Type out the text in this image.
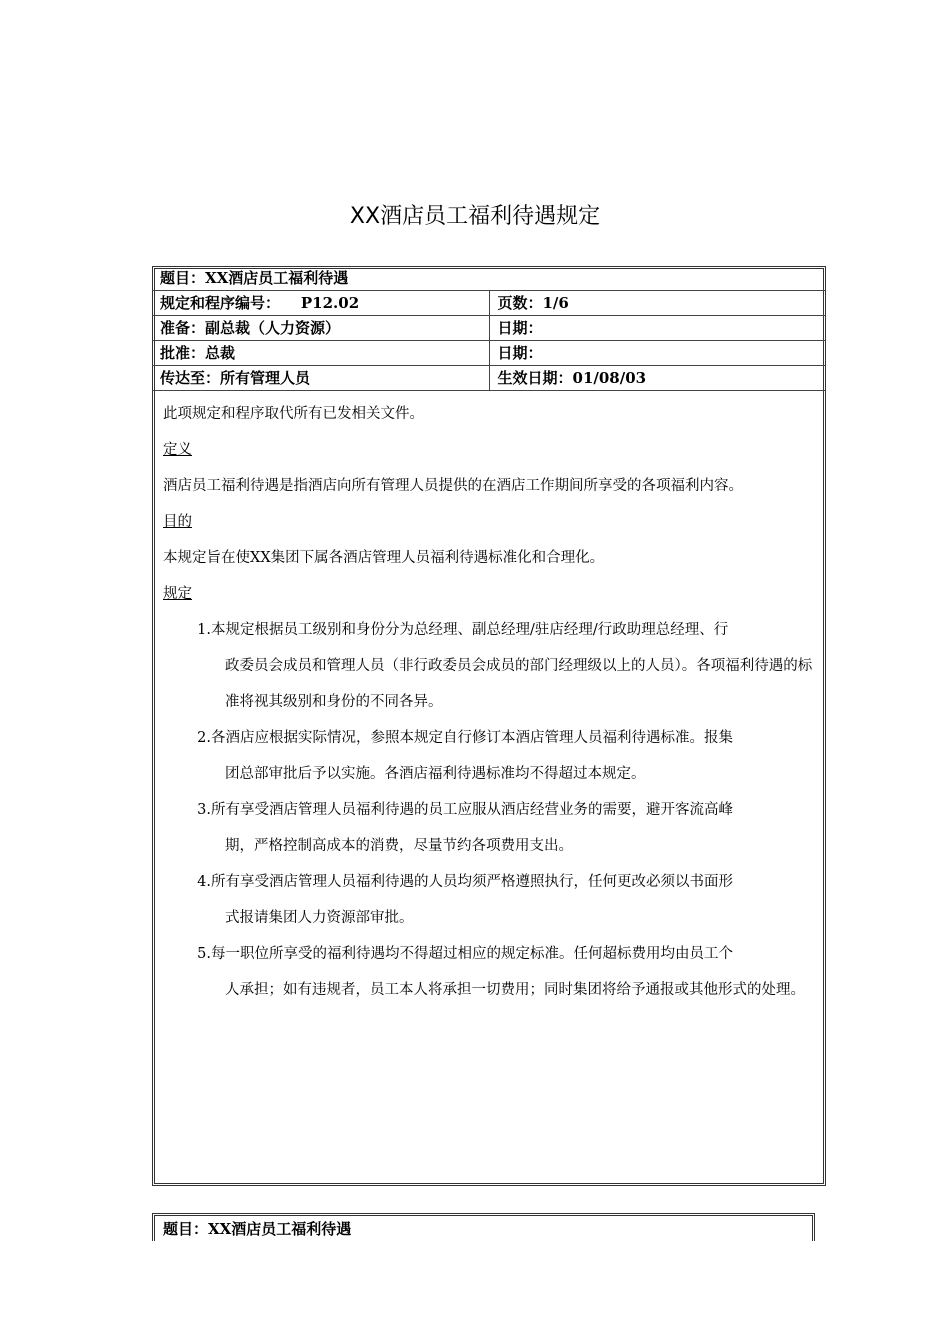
XX酒店员工福利待遇规定
题目：XX酒店员工福利待遇	
规定和程序编号： P12.02	页数：1/6
准备：副总裁（人力资源）	日期：
批准：总裁	日期：
传达至：所有管理人员	生效日期：01/08/03

此项规定和程序取代所有已发相关文件。

定义

酒店员工福利待遇是指酒店向所有管理人员提供的在酒店工作期间所享受的各项福利内容。

目的

本规定旨在使XX集团下属各酒店管理人员福利待遇标准化和合理化。

规定

1. 本规定根据员工级别和身份分为总经理、副总经理/驻店经理/行政助理总经理、行
政委员会成员和管理人员（非行政委员会成员的部门经理级以上的人员）。各项福利待遇的标准将视其级别和身份的不同各异。
2. 各酒店应根据实际情况，参照本规定自行修订本酒店管理人员福利待遇标准。报集
团总部审批后予以实施。各酒店福利待遇标准均不得超过本规定。
3. 所有享受酒店管理人员福利待遇的员工应服从酒店经营业务的需要，避开客流高峰
期，严格控制高成本的消费，尽量节约各项费用支出。
4. 所有享受酒店管理人员福利待遇的人员均须严格遵照执行，任何更改必须以书面形
式报请集团人力资源部审批。
5. 每一职位所享受的福利待遇均不得超过相应的规定标准。任何超标费用均由员工个
人承担；如有违规者，员工本人将承担一切费用；同时集团将给予通报或其他形式的处理。
题目：XX酒店员工福利待遇
